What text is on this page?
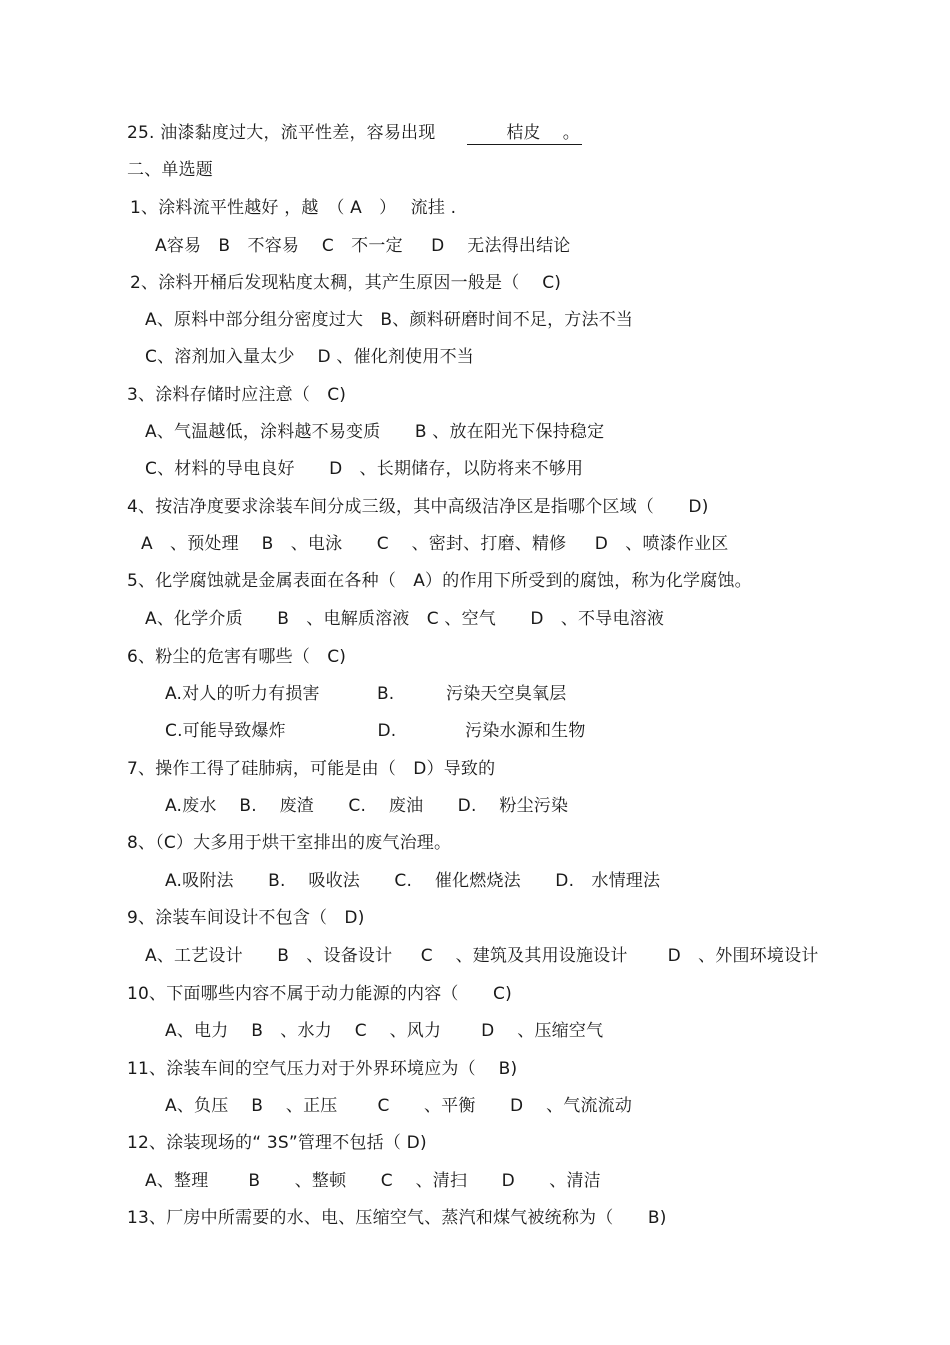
25. 油漆黏度过大，流平性差，容易出现 　　 桔皮　 。
二、单选题
1、涂料流平性越好 ，越　（ A　）　 流挂 .
A容易　B　不容易　 C　不一定　  D　 无法得出结论
2、涂料开桶后发现粘度太稠，其产生原因一般是（　 C)
A、原料中部分组分密度过大　B、颜料研磨时间不足，方法不当
C、溶剂加入量太少　 D 、催化剂使用不当
3、涂料存储时应注意（　C)
A、气温越低，涂料越不易变质　　B 、放在阳光下保持稳定
C、材料的导电良好　　D　、长期储存，以防将来不够用
4、按洁净度要求涂装车间分成三级，其中高级洁净区是指哪个区域（　　D)
A　、预处理　 B　、电泳　　C　 、密封、打磨、精修　  D　、喷漆作业区
5、化学腐蚀就是金属表面在各种（　A）的作用下所受到的腐蚀，称为化学腐蚀。
A、化学介质　　B　、电解质溶液　C 、空气　　D　、不导电溶液
6、粉尘的危害有哪些（　C)
A.对人的听力有损害　　　 B.　　　污染天空臭氧层
C.可能导致爆炸　　　　　 D.　　　　污染水源和生物
7、操作工得了硅肺病，可能是由（　D）导致的
A.废水　 B.　 废渣　　C.　 废油　　D.　 粉尘污染
8、（C）大多用于烘干室排出的废气治理。
A.吸附法　　B.　 吸收法　　C.　 催化燃烧法　　D.　水情理法
9、涂装车间设计不包含（　D)
A、工艺设计　　B　、设备设计　  C　 、建筑及其用设施设计　　 D　、外围环境设计
10、下面哪些内容不属于动力能源的内容（　　C)
A、电力　 B　、水力　 C　 、风力　　 D　 、压缩空气
11、涂装车间的空气压力对于外界环境应为（　 B)
A、负压　 B　 、正压　　 C　　、平衡　　D　 、气流流动
12、涂装现场的“ 3S”管理不包括（ D)
A、整理　　 B　　、整顿　　C　 、清扫　　D　　、清洁
13、厂房中所需要的水、电、压缩空气、蒸汽和煤气被统称为（　　B)
